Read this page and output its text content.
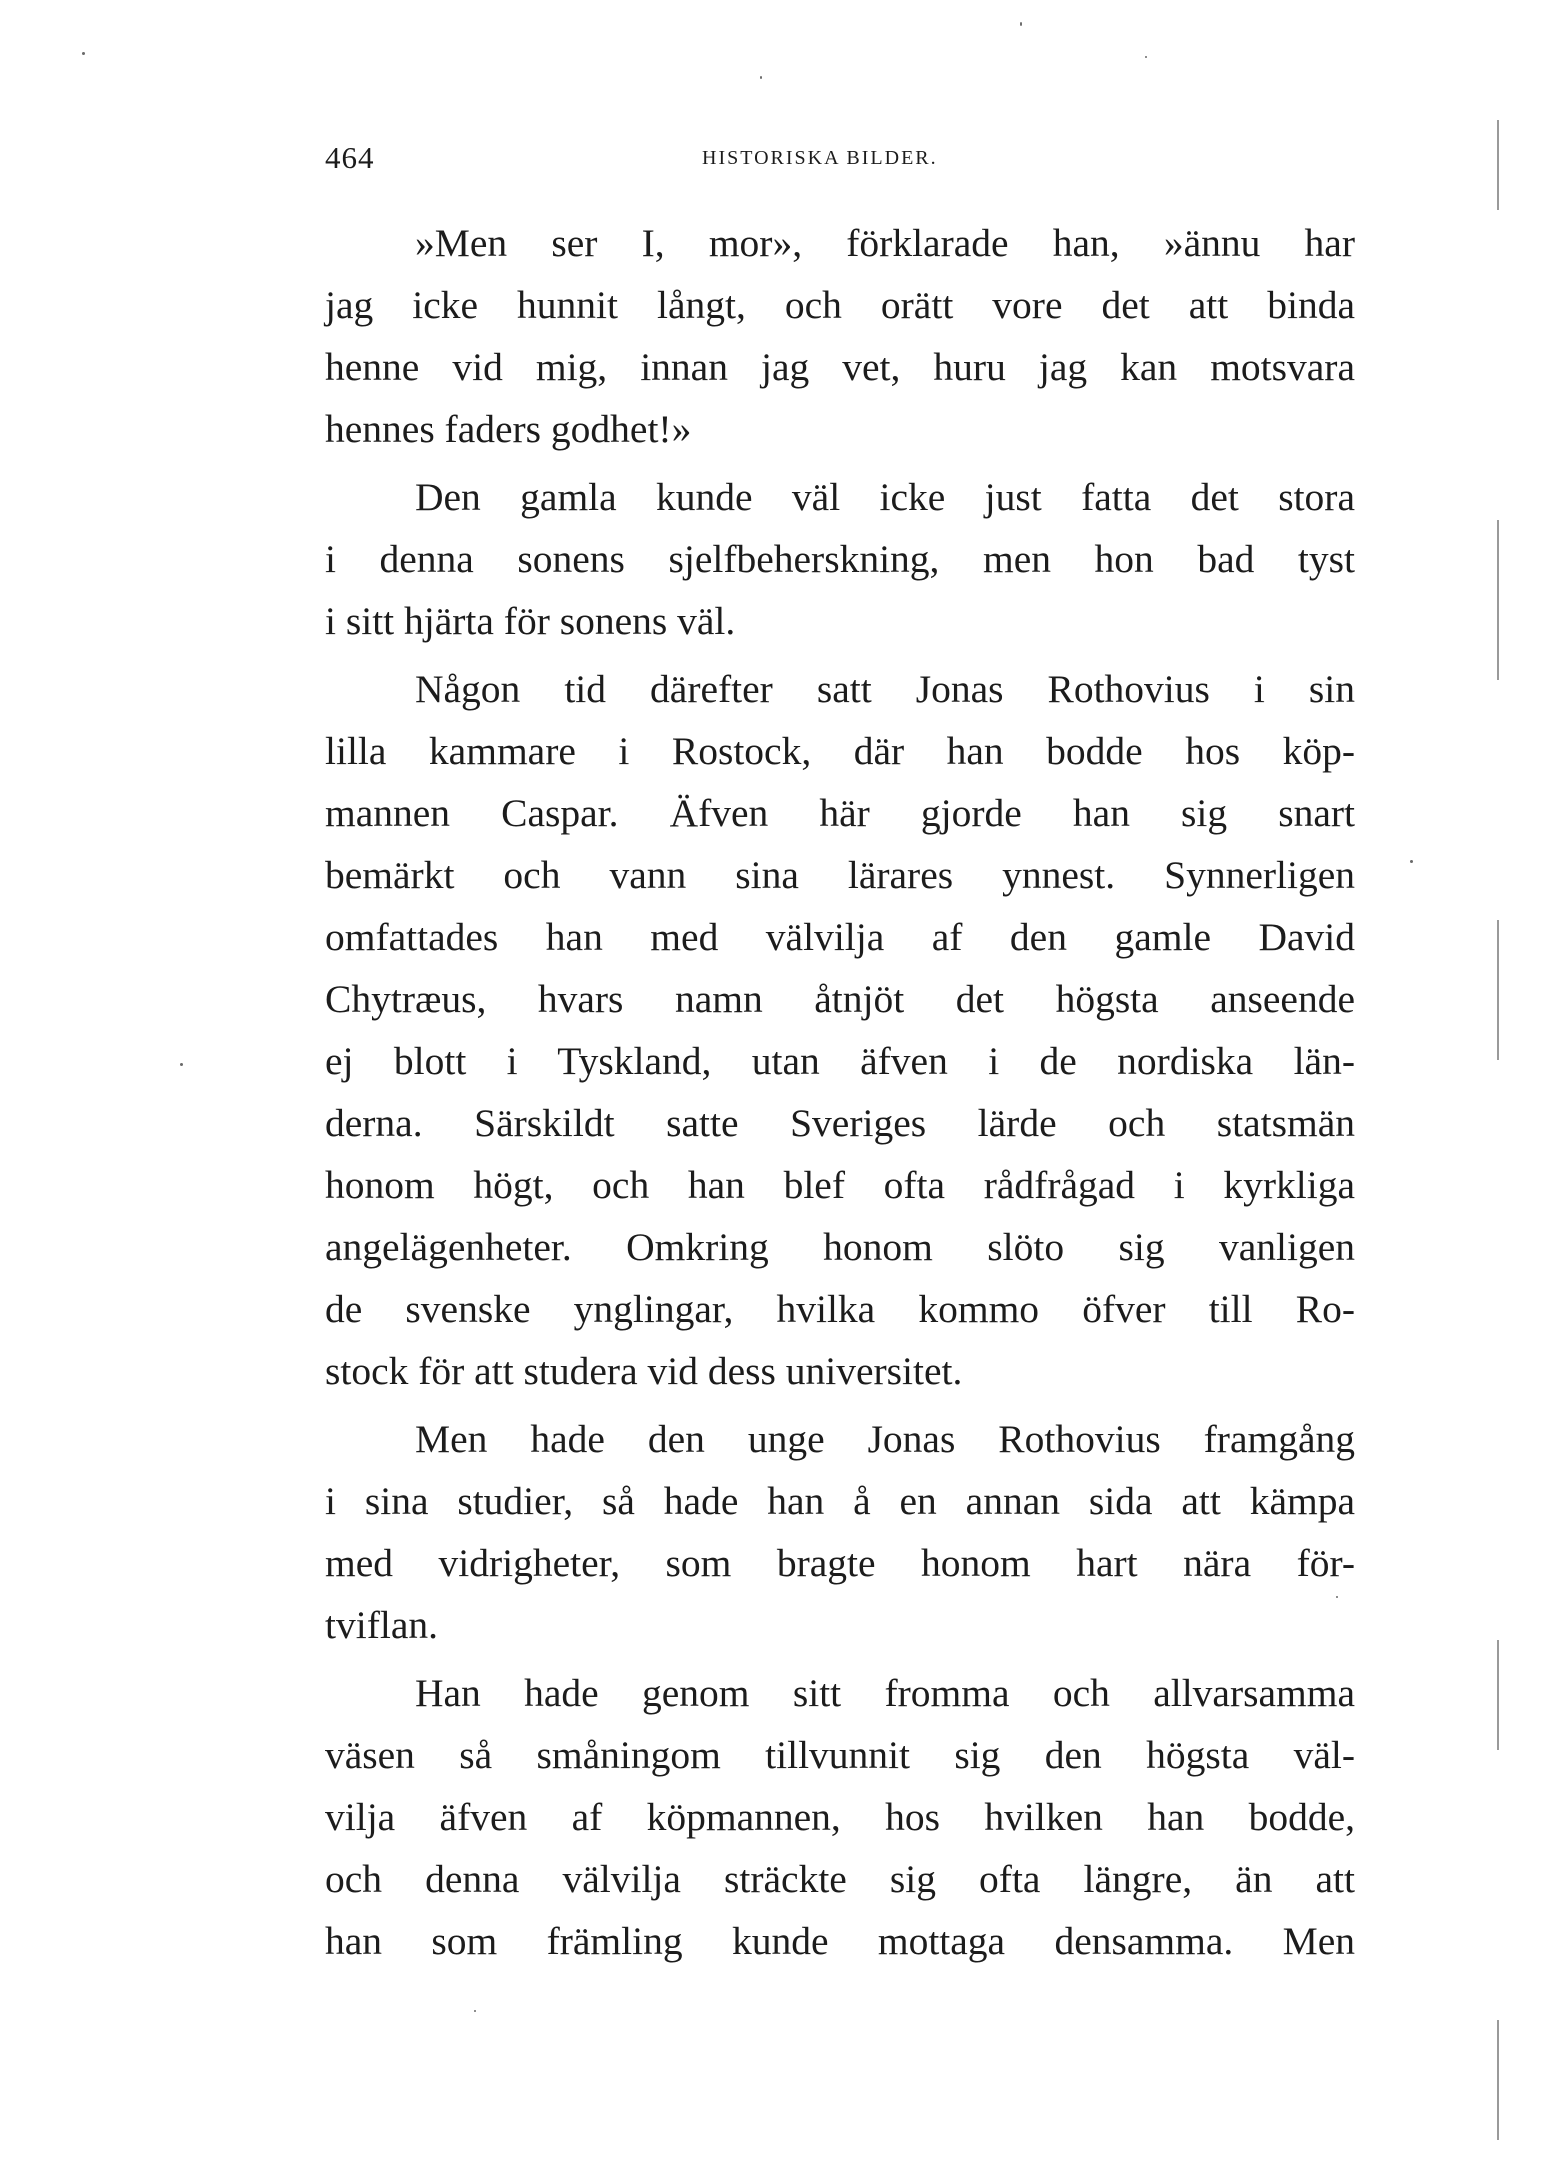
464	HISTORISKA BILDER.
»Men ser I, mor», förklarade han, »ännu har
jag icke hunnit långt, och orätt vore det att binda
henne vid mig, innan jag vet, huru jag kan motsvara
hennes faders godhet!»
Den gamla kunde väl icke just fatta det stora
i denna sonens sjelfbeherskning, men hon bad tyst
i sitt hjärta för sonens väl.
Någon tid därefter satt Jonas Rothovius i sin
lilla kammare i Rostock, där han bodde hos köp-
mannen Caspar. Äfven här gjorde han sig snart
bemärkt och vann sina lärares ynnest. Synnerligen
omfattades han med välvilja af den gamle David
Chytræus, hvars namn åtnjöt det högsta anseende
ej blott i Tyskland, utan äfven i de nordiska län-
derna. Särskildt satte Sveriges lärde och statsmän
honom högt, och han blef ofta rådfrågad i kyrkliga
angelägenheter. Omkring honom slöto sig vanligen
de svenske ynglingar, hvilka kommo öfver till Ro-
stock för att studera vid dess universitet.
Men hade den unge Jonas Rothovius framgång
i sina studier, så hade han å en annan sida att kämpa
med vidrigheter, som bragte honom hart nära för-
tviflan.
Han hade genom sitt fromma och allvarsamma
väsen så småningom tillvunnit sig den högsta väl-
vilja äfven af köpmannen, hos hvilken han bodde,
och denna välvilja sträckte sig ofta längre, än att
han som främling kunde mottaga densamma. Men
